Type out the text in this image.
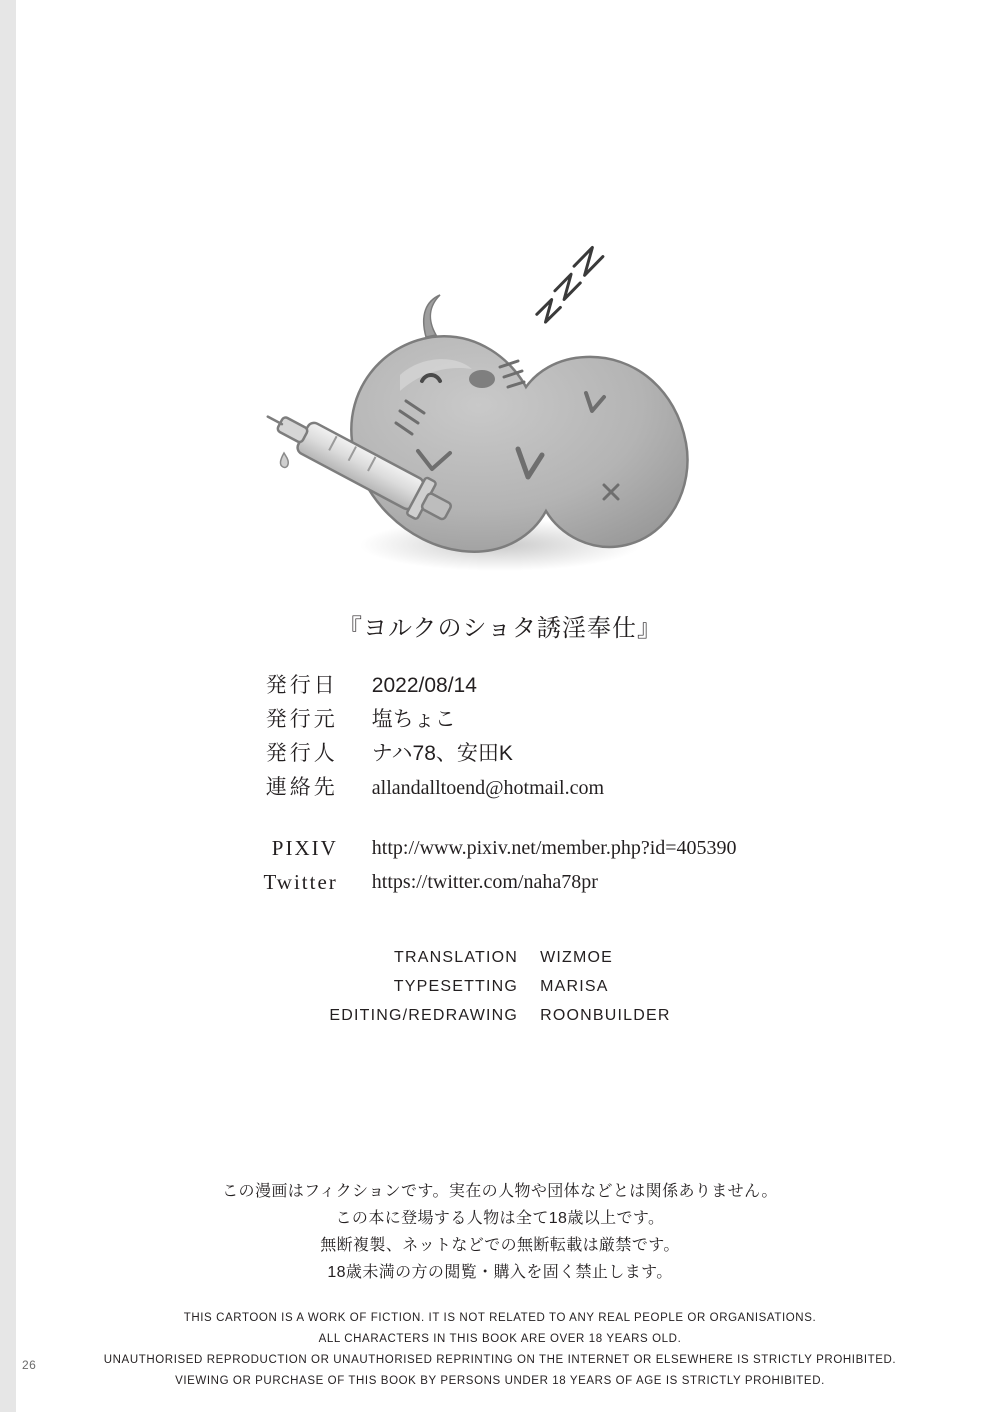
26
『ヨルクのショタ誘淫奉仕』
発行日	2022/08/14
発行元	塩ちょこ
発行人	ナハ78、安田K
連絡先	allandalltoend@hotmail.com

PIXIV	http://www.pixiv.net/member.php?id=405390
Twitter	https://twitter.com/naha78pr
TRANSLATION	WIZMOE
TYPESETTING	MARISA
EDITING/REDRAWING	ROONBUILDER
この漫画はフィクションです。実在の人物や団体などとは関係ありません。
この本に登場する人物は全て18歳以上です。
無断複製、ネットなどでの無断転載は厳禁です。
18歳未満の方の閲覧・購入を固く禁止します。
THIS CARTOON IS A WORK OF FICTION. IT IS NOT RELATED TO ANY REAL PEOPLE OR ORGANISATIONS.
ALL CHARACTERS IN THIS BOOK ARE OVER 18 YEARS OLD.
UNAUTHORISED REPRODUCTION OR UNAUTHORISED REPRINTING ON THE INTERNET OR ELSEWHERE IS STRICTLY PROHIBITED.
VIEWING OR PURCHASE OF THIS BOOK BY PERSONS UNDER 18 YEARS OF AGE IS STRICTLY PROHIBITED.
